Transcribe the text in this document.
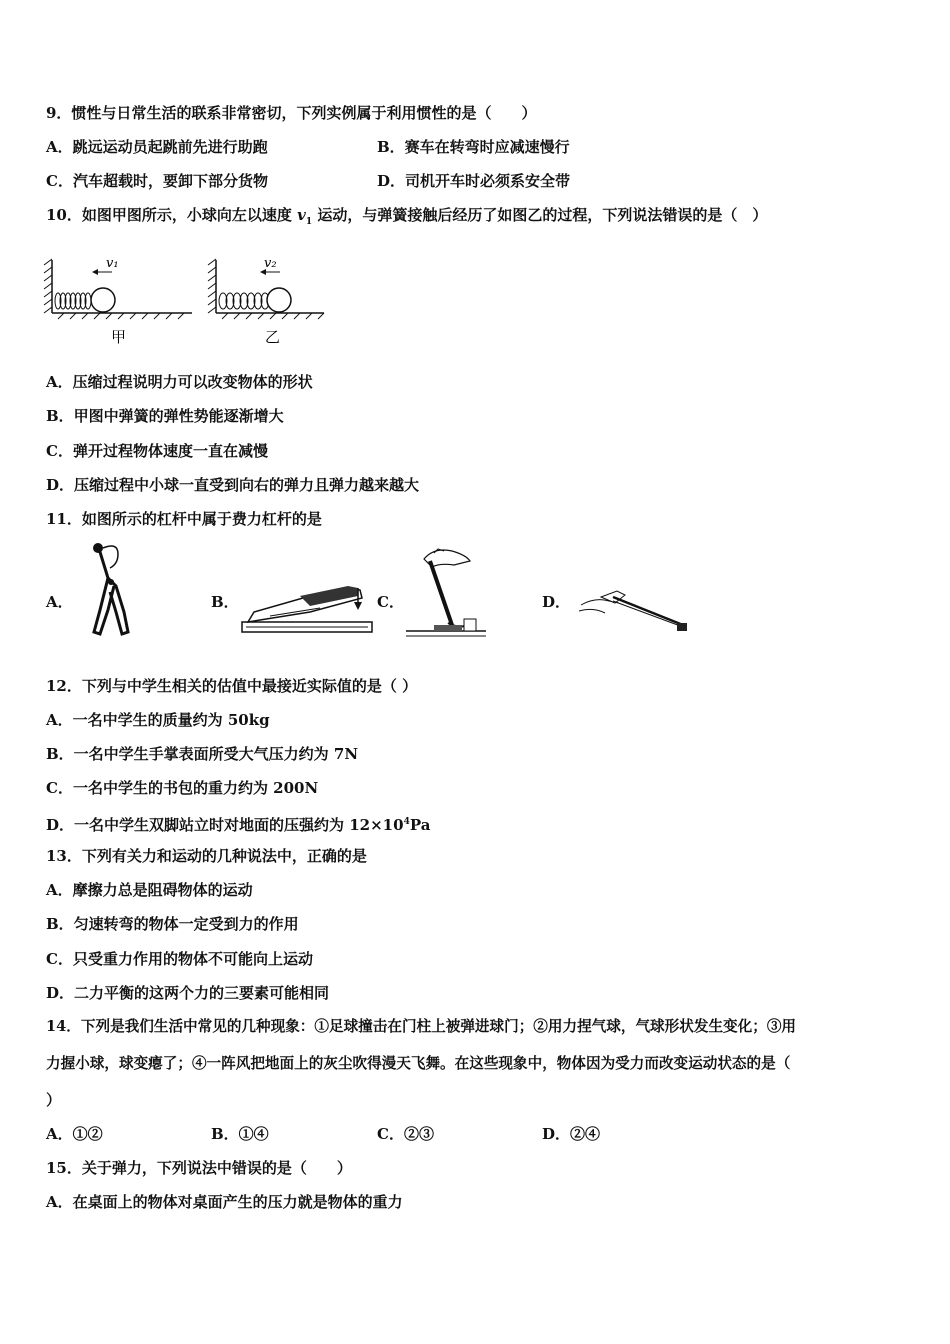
9．惯性与日常生活的联系非常密切，下列实例属于利用惯性的是（　　）
A．跳远运动员起跳前先进行助跑	B．赛车在转弯时应减速慢行
C．汽车超载时，要卸下部分货物	D．司机开车时必须系安全带
10．如图甲图所示，小球向左以速度 $v_1$ 运动，与弹簧接触后经历了如图乙的过程，下列说法错误的是（　）
v₁
甲
v₂
乙
A．压缩过程说明力可以改变物体的形状
B．甲图中弹簧的弹性势能逐渐增大
C．弹开过程物体速度一直在减慢
D．压缩过程中小球一直受到向右的弹力且弹力越来越大
11．如图所示的杠杆中属于费力杠杆的是
A．	B．	C．	D．
12．下列与中学生相关的估值中最接近实际值的是（ ）
A．一名中学生的质量约为 50kg
B．一名中学生手掌表面所受大气压力约为 7N
C．一名中学生的书包的重力约为 200N
D．一名中学生双脚站立时对地面的压强约为 $12\times 10^4Pa$
13．下列有关力和运动的几种说法中，正确的是
A．摩擦力总是阻碍物体的运动
B．匀速转弯的物体一定受到力的作用
C．只受重力作用的物体不可能向上运动
D．二力平衡的这两个力的三要素可能相同
14．下列是我们生活中常见的几种现象：①足球撞击在门柱上被弹进球门；②用力捏气球，气球形状发生变化；③用
力握小球，球变瘪了；④一阵风把地面上的灰尘吹得漫天飞舞。在这些现象中，物体因为受力而改变运动状态的是（
）
A．①②	B．①④	C．②③	D．②④
15．关于弹力，下列说法中错误的是（　　）
A．在桌面上的物体对桌面产生的压力就是物体的重力
